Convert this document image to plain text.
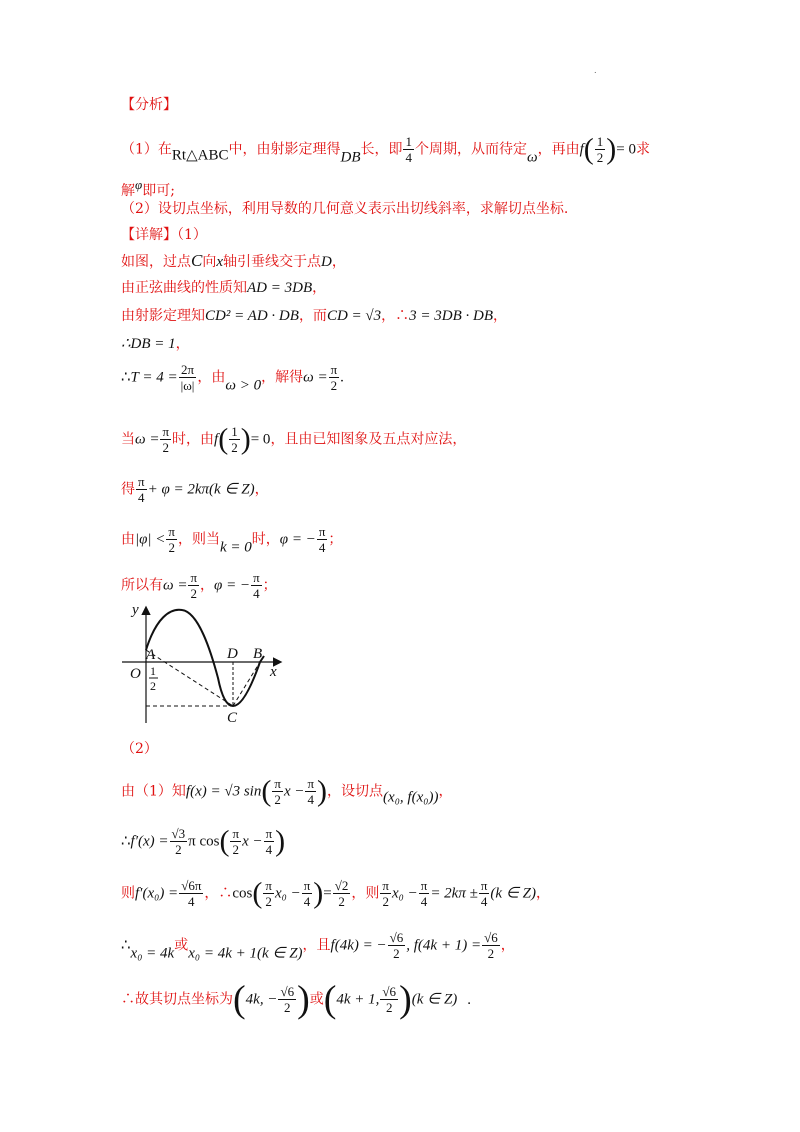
.
【分析】
（1）在Rt△ABC中，由射影定理得DB长，即 $\frac{1}{4}$ 个周期，从而待定ω，再由$f( \frac{1}{2}$ )= 0求
解φ即可;
（2）设切点坐标，利用导数的几何意义表示出切线斜率，求解切点坐标.
【详解】（1）
如图，过点C向x轴引垂线交于点D，
由正弦曲线的性质知AD = 3DB，
由射影定理知CD² = AD · DB，而CD = √3，∴3 = 3DB · DB，
∴DB = 1，
∴T = $4 = \frac{2\pi}{|\omega|}$ ，由ω > 0，解得$\omega = \frac{\pi}{2}$ .
当$\omega = \frac{\pi}{2}$ 时，由$f( \frac{1}{2}$ )= 0，且由已知图象及五点对应法，
得 $\frac{\pi}{4} + \varphi = 2k\pi(k$ ∈ Z)，
由$|\varphi| < \frac{\pi}{2}$ ，则当k = 0时，φ = − $\frac{\pi}{4}$ ；
所以有$\omega = \frac{\pi}{2}$ ，φ = − $\frac{\pi}{4}$ ；
y
x
O
A	D B
C
1
2
（2）
由（1）知f(x) = √3 $\sin( \frac{\pi}{2}$ $x - \frac{\pi}{4}$ )，设切点(x₀, f(x₀))，
∴f′(x) = $\frac{√3}{2}$ π $\cos( \frac{\pi}{2}$ $x - \frac{\pi}{4}$ )
则$f'(x_0) = \frac{√6\pi}{4}$ ，∴cos( $\frac{\pi}{2} x_0 - \frac{\pi}{4}$ )= $\frac{√2}{2}$ ，则 $\frac{\pi}{2} x_0 - \frac{\pi}{4} = 2k\pi \pm \frac{\pi}{4} (k$ ∈ Z)，
∴x₀ = 4k或x₀ = 4k + 1(k ∈ Z)，且f(4k) = − $\frac{√6}{2}$ , $f(4k + 1) = \frac{√6}{2}$ ，
∴故其切点坐标为(4k, − $\frac{√6}{2}$ )或(4k + 1, $\frac{√6}{2} )(k$ ∈ Z) .
